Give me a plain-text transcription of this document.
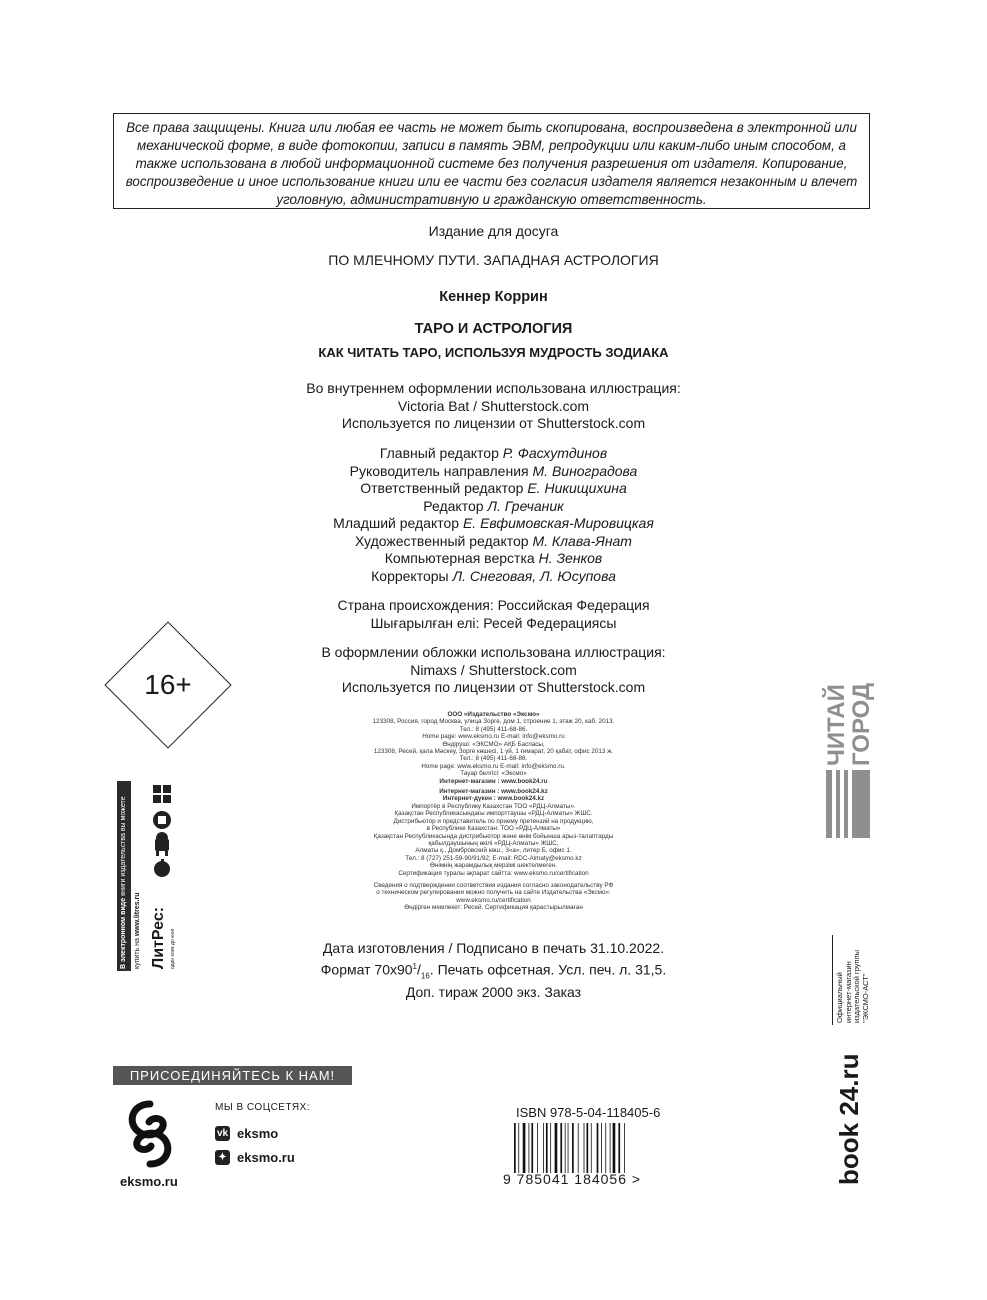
Все права защищены. Книга или любая ее часть не может быть скопирована, воспроизведена в электронной или механической форме, в виде фотокопии, записи в память ЭВМ, репродукции или каким-либо иным способом, а также использована в любой информационной системе без получения разрешения от издателя. Копирование, воспроизведение и иное использование книги или ее части без согласия издателя является незаконным и влечет уголовную, административную и гражданскую ответственность.
Издание для досуга
ПО МЛЕЧНОМУ ПУТИ. ЗАПАДНАЯ АСТРОЛОГИЯ
Кеннер Коррин
ТАРО И АСТРОЛОГИЯ
КАК ЧИТАТЬ ТАРО, ИСПОЛЬЗУЯ МУДРОСТЬ ЗОДИАКА
Во внутреннем оформлении использована иллюстрация:
Victoria Bat / Shutterstock.com
Используется по лицензии от Shutterstock.com
Главный редактор Р. Фасхутдинов
Руководитель направления М. Виноградова
Ответственный редактор Е. Никищихина
Редактор Л. Гречаник
Младший редактор Е. Евфимовская-Мировицкая
Художественный редактор М. Клава-Янат
Компьютерная верстка Н. Зенков
Корректоры Л. Снеговая, Л. Юсупова
Страна происхождения: Российская Федерация
Шығарылған елі: Ресей Федерациясы
В оформлении обложки использована иллюстрация:
Nimaxs / Shutterstock.com
Используется по лицензии от Shutterstock.com
ООО «Издательство «Эксмо»
123308, Россия, город Москва, улица Зорге, дом 1, строение 1, этаж 20, каб. 2013.
Тел.: 8 (495) 411-68-86.
Home page: www.eksmo.ru E-mail: info@eksmo.ru
Өндіруші: «ЭКСМО» АҚБ Баспасы,
123308, Ресей, қала Мәскеу, Зорге көшесі, 1 үй, 1 ғимарат, 20 қабат, офис 2013 ж.
Тел.: 8 (495) 411-68-86.
Home page: www.eksmo.ru E-mail: info@eksmo.ru.
Тауар белгісі: «Эксмо»
Интернет-магазин : www.book24.ru
Интернет-магазин : www.book24.kz
Интернет-дүкен : www.book24.kz
Импортёр в Республику Казахстан ТОО «РДЦ-Алматы».
Қазақстан Республикасындағы импорттаушы «РДЦ-Алматы» ЖШС.
Дистрибьютор и представитель по приему претензий на продукцию,
в Республике Казахстан: ТОО «РДЦ-Алматы»
Қазақстан Республикасында дистрибьютор және өнім бойынша арыз-талаптарды
қабылдаушының өкілі «РДЦ-Алматы» ЖШС,
Алматы қ., Домбровский көш., 3«а», литер Б, офис 1.
Тел.: 8 (727) 251-59-90/91/92; E-mail: RDC-Almaty@eksmo.kz
Өнімнің жарамдылық мерзімі шектелмеген.
Сертификация туралы ақпарат сайтта: www.eksmo.ru/certification
Сведения о подтверждении соответствия издания согласно законодательству РФ
о техническом регулировании можно получить на сайте Издательства «Эксмо»:
www.eksmo.ru/certification
Өндірген мемлекет: Ресей. Сертификация қарастырылмаған
Дата изготовления / Подписано в печать 31.10.2022.
Формат $70х90^1/_{16}$. Печать офсетная. Усл. печ. л. 31,5.
Доп. тираж 2000 экз. Заказ
16+
В электронном виде книги издательства вы можете
купить на www.litres.ru ЛитРес: один клик до книг
ЧИТАЙ
ГОРОД
Официальный интернет-магазин издательской группы "ЭКСМО-АСТ"
book 24.ru
ПРИСОЕДИНЯЙТЕСЬ К НАМ!
eksmo.ru
МЫ В СОЦСЕТЯХ:
vk eksmo
✦ eksmo.ru
ISBN 978-5-04-118405-6
9 785041 184056 >
